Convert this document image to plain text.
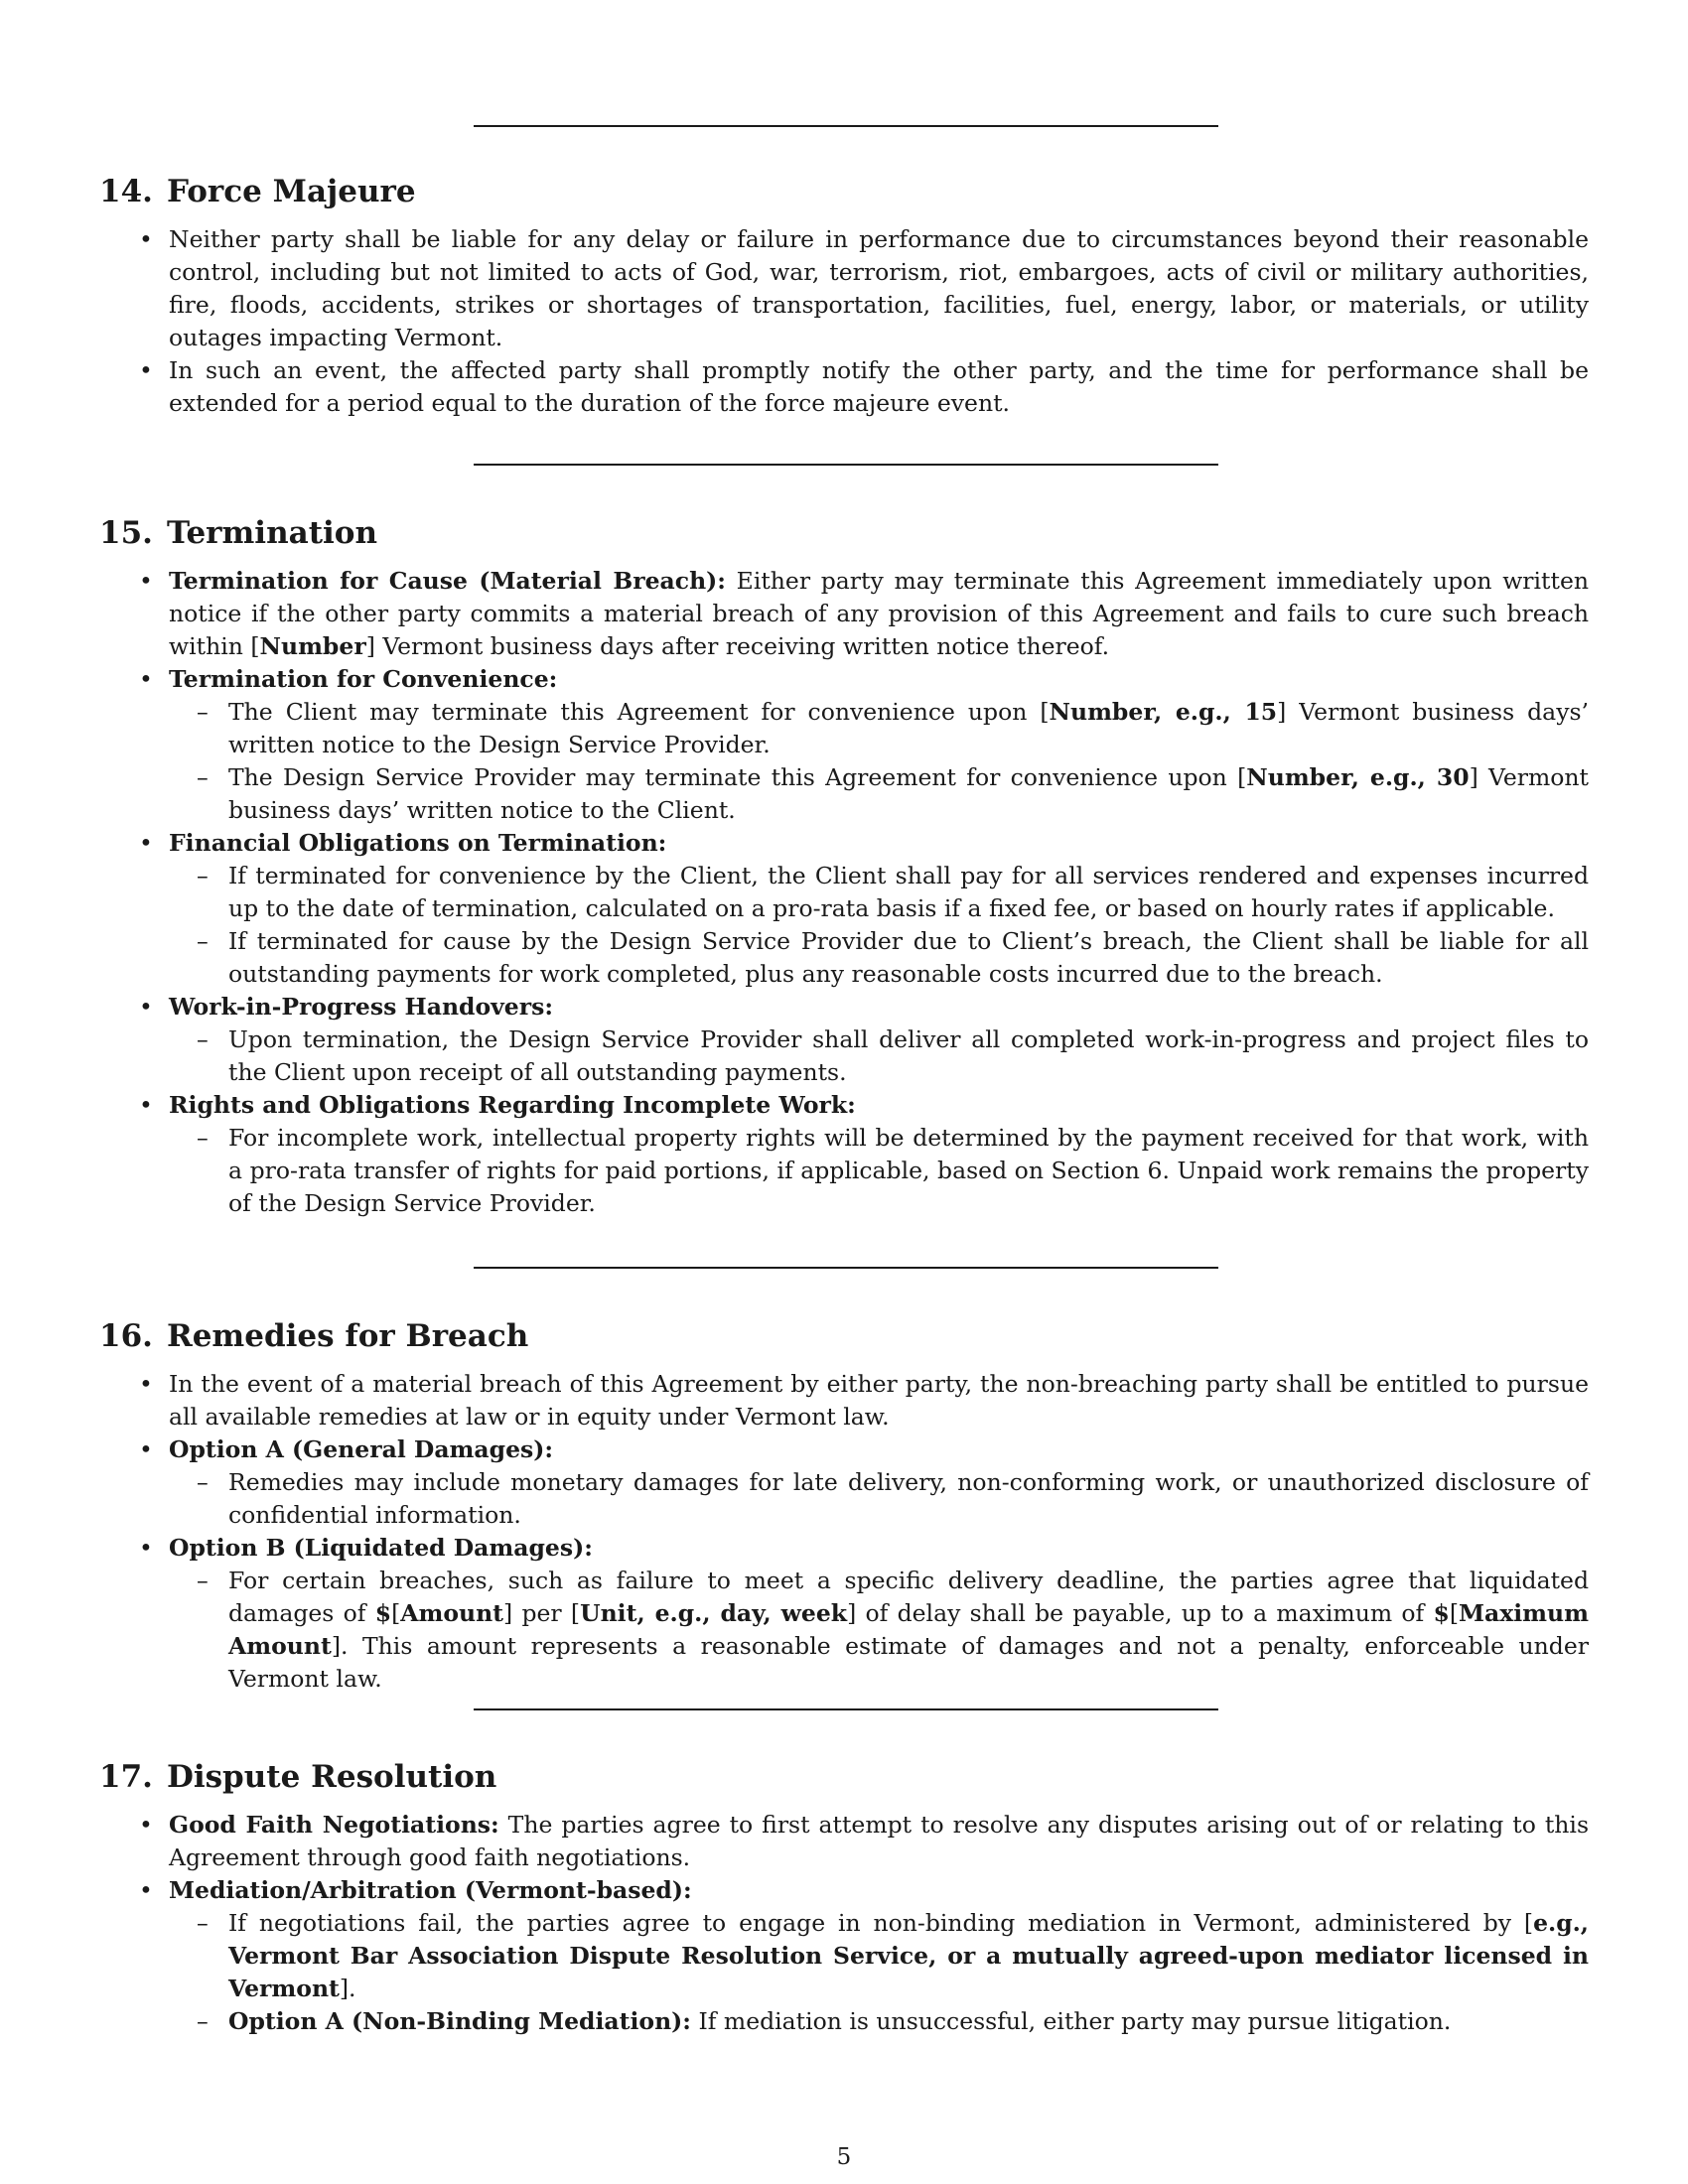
14. Force Majeure
• Neither party shall be liable for any delay or failure in performance due to circumstances beyond their reasonable control, including but not limited to acts of God, war, terrorism, riot, embargoes, acts of civil or military authorities, fire, floods, accidents, strikes or shortages of transportation, facilities, fuel, energy, labor, or materials, or utility outages impacting Vermont.
• In such an event, the affected party shall promptly notify the other party, and the time for performance shall be extended for a period equal to the duration of the force majeure event.
15. Termination
• Termination for Cause (Material Breach): Either party may terminate this Agreement immediately upon written notice if the other party commits a material breach of any provision of this Agreement and fails to cure such breach within [Number] Vermont business days after receiving written notice thereof.
• Termination for Convenience:
– The Client may terminate this Agreement for convenience upon [Number, e.g., 15] Vermont business days’ written notice to the Design Service Provider.
– The Design Service Provider may terminate this Agreement for convenience upon [Number, e.g., 30] Vermont business days’ written notice to the Client.
• Financial Obligations on Termination:
– If terminated for convenience by the Client, the Client shall pay for all services rendered and expenses incurred up to the date of termination, calculated on a pro-rata basis if a fixed fee, or based on hourly rates if applicable.
– If terminated for cause by the Design Service Provider due to Client’s breach, the Client shall be liable for all outstanding payments for work completed, plus any reasonable costs incurred due to the breach.
• Work-in-Progress Handovers:
– Upon termination, the Design Service Provider shall deliver all completed work-in-progress and project files to the Client upon receipt of all outstanding payments.
• Rights and Obligations Regarding Incomplete Work:
– For incomplete work, intellectual property rights will be determined by the payment received for that work, with a pro-rata transfer of rights for paid portions, if applicable, based on Section 6. Unpaid work remains the property of the Design Service Provider.
16. Remedies for Breach
• In the event of a material breach of this Agreement by either party, the non-breaching party shall be entitled to pursue all available remedies at law or in equity under Vermont law.
• Option A (General Damages):
– Remedies may include monetary damages for late delivery, non-conforming work, or unauthorized disclosure of confidential information.
• Option B (Liquidated Damages):
– For certain breaches, such as failure to meet a specific delivery deadline, the parties agree that liquidated damages of $[Amount] per [Unit, e.g., day, week] of delay shall be payable, up to a maximum of $[Maximum Amount]. This amount represents a reasonable estimate of damages and not a penalty, enforceable under Vermont law.
17. Dispute Resolution
• Good Faith Negotiations: The parties agree to first attempt to resolve any disputes arising out of or relating to this Agreement through good faith negotiations.
• Mediation/Arbitration (Vermont-based):
– If negotiations fail, the parties agree to engage in non-binding mediation in Vermont, administered by [e.g., Vermont Bar Association Dispute Resolution Service, or a mutually agreed-upon mediator licensed in Vermont].
– Option A (Non-Binding Mediation): If mediation is unsuccessful, either party may pursue litigation.
5
